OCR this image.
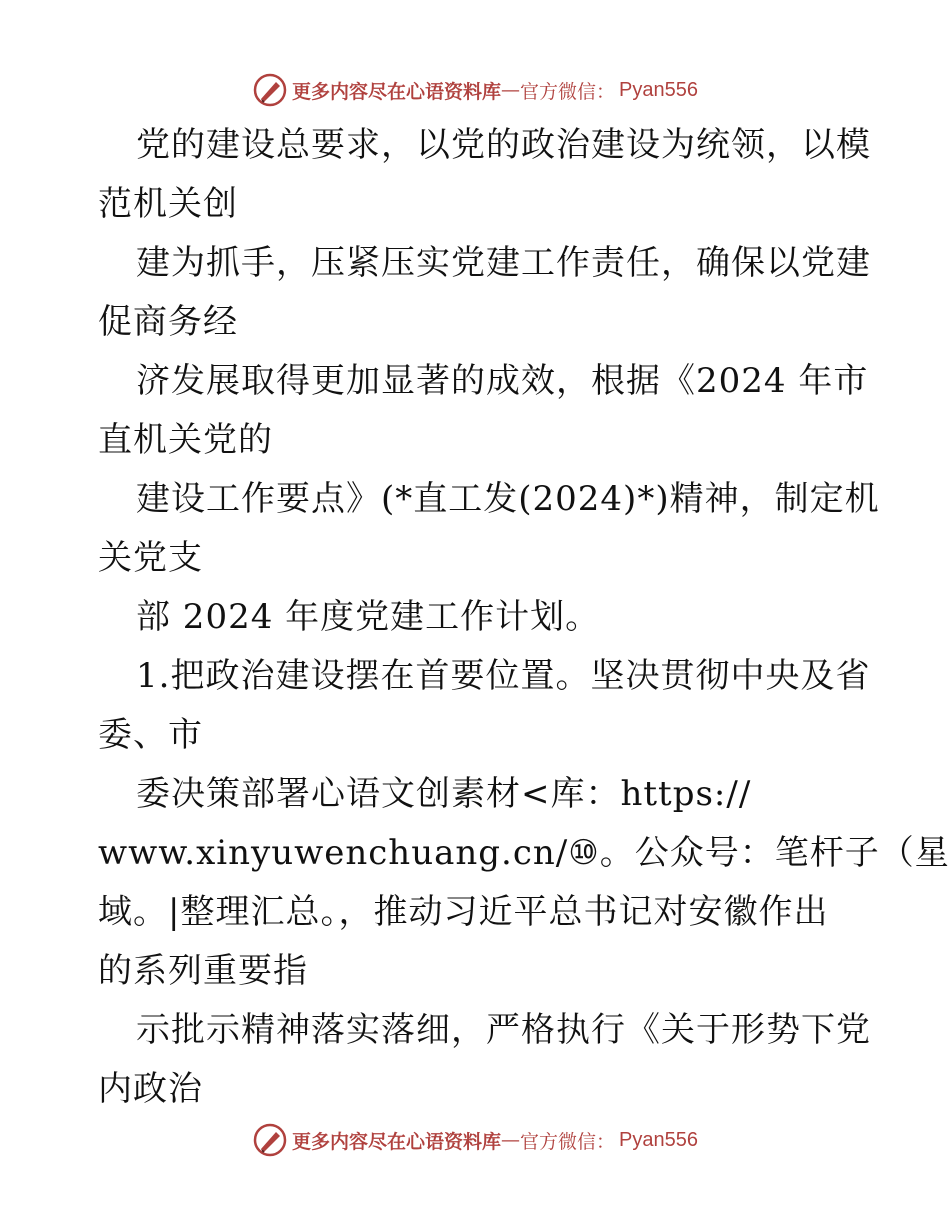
更多内容尽在心语资料库 — 官方微信： Pyan556
党的建设总要求，以党的政治建设为统领，以模
范机关创
建为抓手，压紧压实党建工作责任，确保以党建
促商务经
济发展取得更加显著的成效，根据《2024 年市
直机关党的
建设工作要点》(*直工发(2024)*)精神，制定机
关党支
部 2024 年度党建工作计划。
1.把政治建设摆在首要位置。坚决贯彻中央及省
委、市
委决策部署心语文创素材<库：https://
www.xinyuwenchuang.cn/⑩。公众号：笔杆子（星
域。|整理汇总。，推动习近平总书记对安徽作出
的系列重要指
示批示精神落实落细，严格执行《关于形势下党
内政治
更多内容尽在心语资料库 — 官方微信： Pyan556
